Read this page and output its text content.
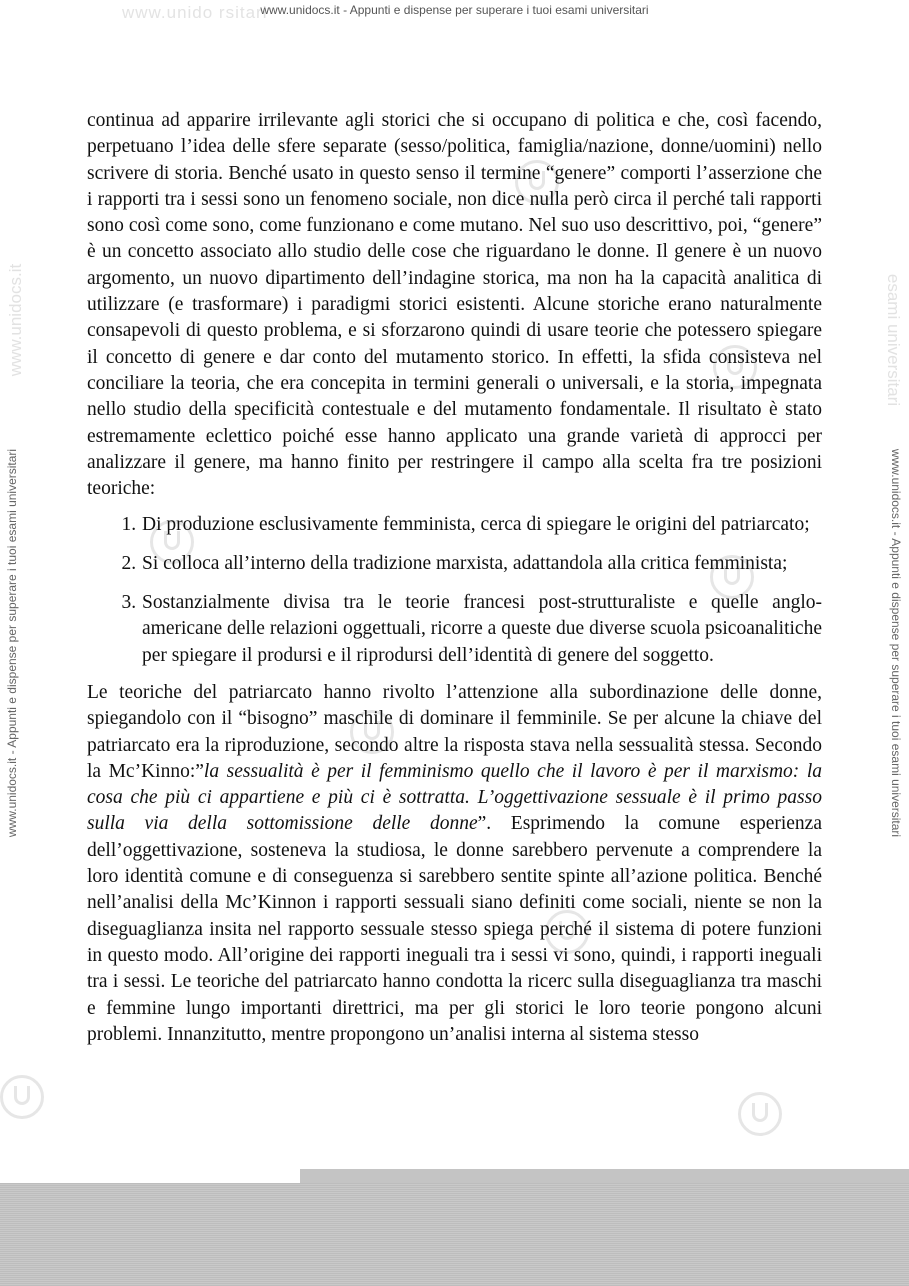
www.unido rsitari
www.unidocs.it - Appunti e dispense per superare i tuoi esami universitari
www.unidocs.it
www.unidocs.it - Appunti e dispense per superare i tuoi esami universitari
esami universitari
www.unidocs.it - Appunti e dispense per superare i tuoi esami universitari

continua ad apparire irrilevante agli storici che si occupano di politica e che, così facendo, perpetuano l’idea delle sfere separate (sesso/politica, famiglia/nazione, donne/uomini) nello scrivere di storia. Benché usato in questo senso il termine “genere” comporti l’asserzione che i rapporti tra i sessi sono un fenomeno sociale, non dice nulla però circa il perché tali rapporti sono così come sono, come funzionano e come mutano. Nel suo uso descrittivo, poi, “genere” è un concetto associato allo studio delle cose che riguardano le donne. Il genere è un nuovo argomento, un nuovo dipartimento dell’indagine storica, ma non ha la capacità analitica di utilizzare (e trasformare) i paradigmi storici esistenti. Alcune storiche erano naturalmente consapevoli di questo problema, e si sforzarono quindi di usare teorie che potessero spiegare il concetto di genere e dar conto del mutamento storico. In effetti, la sfida consisteva nel conciliare la teoria, che era concepita in termini generali o universali, e la storia, impegnata nello studio della specificità contestuale e del mutamento fondamentale. Il risultato è stato estremamente eclettico poiché esse hanno applicato una grande varietà di approcci per analizzare il genere, ma hanno finito per restringere il campo alla scelta fra tre posizioni teoriche:

1. Di produzione esclusivamente femminista, cerca di spiegare le origini del patriarcato;
2. Si colloca all’interno della tradizione marxista, adattandola alla critica femminista;
3. Sostanzialmente divisa tra le teorie francesi post-strutturaliste e quelle anglo-americane delle relazioni oggettuali, ricorre a queste due diverse scuola psicoanalitiche per spiegare il prodursi e il riprodursi dell’identità di genere del soggetto.

Le teoriche del patriarcato hanno rivolto l’attenzione alla subordinazione delle donne, spiegandolo con il “bisogno” maschile di dominare il femminile. Se per alcune la chiave del patriarcato era la riproduzione, secondo altre la risposta stava nella sessualità stessa. Secondo la Mc’Kinno:”la sessualità è per il femminismo quello che il lavoro è per il marxismo: la cosa che più ci appartiene e più ci è sottratta. L’oggettivazione sessuale è il primo passo sulla via della sottomissione delle donne”. Esprimendo la comune esperienza dell’oggettivazione, sosteneva la studiosa, le donne sarebbero pervenute a comprendere la loro identità comune e di conseguenza si sarebbero sentite spinte all’azione politica. Benché nell’analisi della Mc’Kinnon i rapporti sessuali siano definiti come sociali, niente se non la diseguaglianza insita nel rapporto sessuale stesso spiega perché il sistema di potere funzioni in questo modo. All’origine dei rapporti ineguali tra i sessi vi sono, quindi, i rapporti ineguali tra i sessi. Le teoriche del patriarcato hanno condotta la ricerc sulla diseguaglianza tra maschi e femmine lungo importanti direttrici, ma per gli storici le loro teorie pongono alcuni problemi. Innanzitutto, mentre propongono un’analisi interna al sistema stesso
